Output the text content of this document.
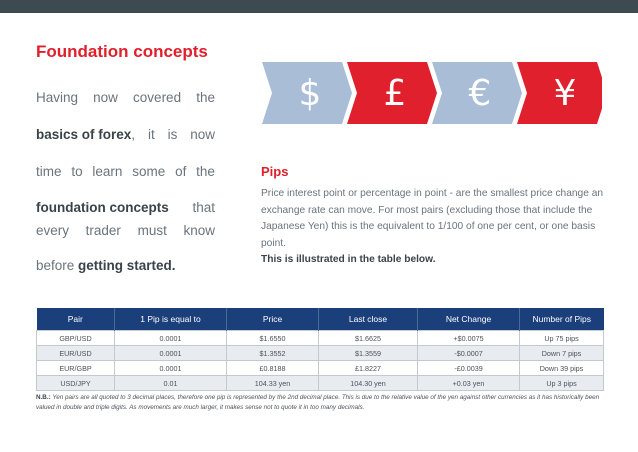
Foundation concepts
Having now covered the
basics of forex, it is now
time to learn some of the
foundation concepts that
every trader must know
before getting started.
$ £ € ¥
Pips
Price interest point or percentage in point - are the smallest price change an exchange rate can move. For most pairs (excluding those that include the Japanese Yen) this is the equivalent to 1/100 of one per cent, or one basis point.
This is illustrated in the table below.
Pair	1 Pip is equal to	Price	Last close	Net Change	Number of Pips
GBP/USD	0.0001	$1.6550	$1.6625	+$0.0075	Up 75 pips
EUR/USD	0.0001	$1.3552	$1.3559	-$0.0007	Down 7 pips
EUR/GBP	0.0001	£0.8188	£1.8227	-£0.0039	Down 39 pips
USD/JPY	0.01	104.33 yen	104.30 yen	+0.03 yen	Up 3 pips
N.B.: Yen pairs are all quoted to 3 decimal places, therefore one pip is represented by the 2nd decimal place. This is due to the relative value of the yen against other currencies as it has historically been valued in double and triple digits. As movements are much larger, it makes sense not to quote it in too many decimals.
